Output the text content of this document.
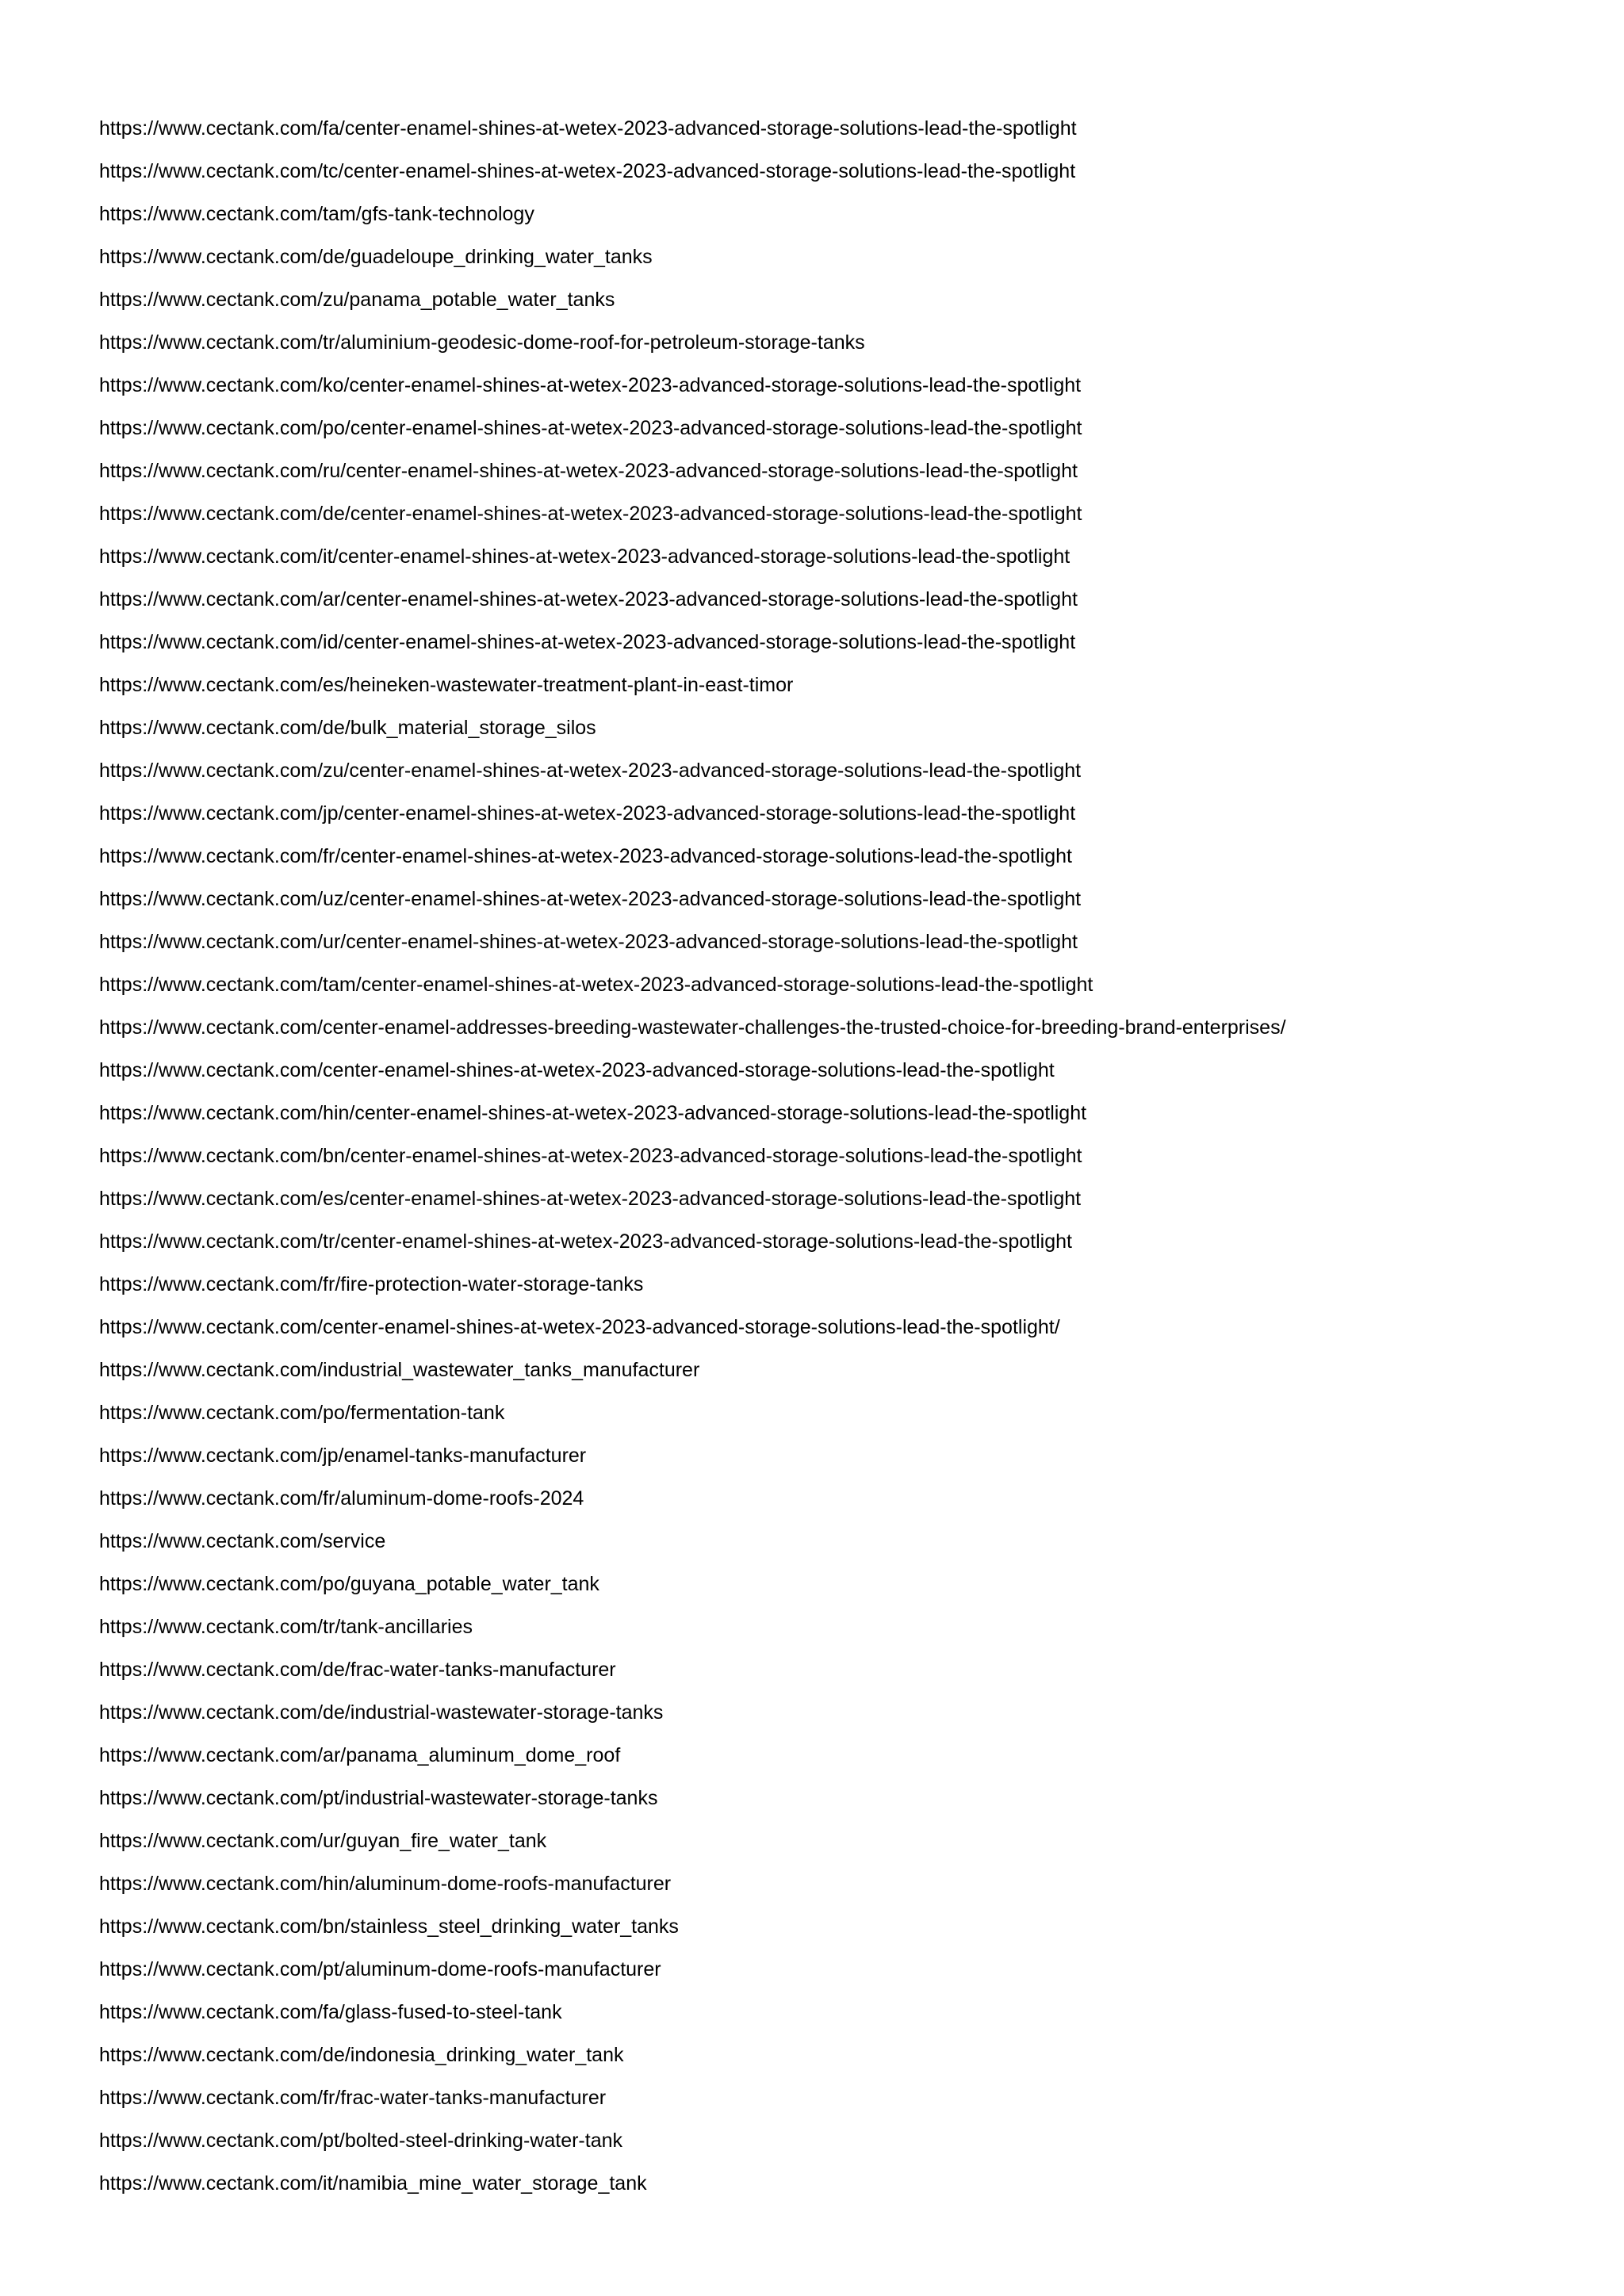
https://www.cectank.com/fa/center-enamel-shines-at-wetex-2023-advanced-storage-solutions-lead-the-spotlight
https://www.cectank.com/tc/center-enamel-shines-at-wetex-2023-advanced-storage-solutions-lead-the-spotlight
https://www.cectank.com/tam/gfs-tank-technology
https://www.cectank.com/de/guadeloupe_drinking_water_tanks
https://www.cectank.com/zu/panama_potable_water_tanks
https://www.cectank.com/tr/aluminium-geodesic-dome-roof-for-petroleum-storage-tanks
https://www.cectank.com/ko/center-enamel-shines-at-wetex-2023-advanced-storage-solutions-lead-the-spotlight
https://www.cectank.com/po/center-enamel-shines-at-wetex-2023-advanced-storage-solutions-lead-the-spotlight
https://www.cectank.com/ru/center-enamel-shines-at-wetex-2023-advanced-storage-solutions-lead-the-spotlight
https://www.cectank.com/de/center-enamel-shines-at-wetex-2023-advanced-storage-solutions-lead-the-spotlight
https://www.cectank.com/it/center-enamel-shines-at-wetex-2023-advanced-storage-solutions-lead-the-spotlight
https://www.cectank.com/ar/center-enamel-shines-at-wetex-2023-advanced-storage-solutions-lead-the-spotlight
https://www.cectank.com/id/center-enamel-shines-at-wetex-2023-advanced-storage-solutions-lead-the-spotlight
https://www.cectank.com/es/heineken-wastewater-treatment-plant-in-east-timor
https://www.cectank.com/de/bulk_material_storage_silos
https://www.cectank.com/zu/center-enamel-shines-at-wetex-2023-advanced-storage-solutions-lead-the-spotlight
https://www.cectank.com/jp/center-enamel-shines-at-wetex-2023-advanced-storage-solutions-lead-the-spotlight
https://www.cectank.com/fr/center-enamel-shines-at-wetex-2023-advanced-storage-solutions-lead-the-spotlight
https://www.cectank.com/uz/center-enamel-shines-at-wetex-2023-advanced-storage-solutions-lead-the-spotlight
https://www.cectank.com/ur/center-enamel-shines-at-wetex-2023-advanced-storage-solutions-lead-the-spotlight
https://www.cectank.com/tam/center-enamel-shines-at-wetex-2023-advanced-storage-solutions-lead-the-spotlight
https://www.cectank.com/center-enamel-addresses-breeding-wastewater-challenges-the-trusted-choice-for-breeding-brand-enterprises/
https://www.cectank.com/center-enamel-shines-at-wetex-2023-advanced-storage-solutions-lead-the-spotlight
https://www.cectank.com/hin/center-enamel-shines-at-wetex-2023-advanced-storage-solutions-lead-the-spotlight
https://www.cectank.com/bn/center-enamel-shines-at-wetex-2023-advanced-storage-solutions-lead-the-spotlight
https://www.cectank.com/es/center-enamel-shines-at-wetex-2023-advanced-storage-solutions-lead-the-spotlight
https://www.cectank.com/tr/center-enamel-shines-at-wetex-2023-advanced-storage-solutions-lead-the-spotlight
https://www.cectank.com/fr/fire-protection-water-storage-tanks
https://www.cectank.com/center-enamel-shines-at-wetex-2023-advanced-storage-solutions-lead-the-spotlight/
https://www.cectank.com/industrial_wastewater_tanks_manufacturer
https://www.cectank.com/po/fermentation-tank
https://www.cectank.com/jp/enamel-tanks-manufacturer
https://www.cectank.com/fr/aluminum-dome-roofs-2024
https://www.cectank.com/service
https://www.cectank.com/po/guyana_potable_water_tank
https://www.cectank.com/tr/tank-ancillaries
https://www.cectank.com/de/frac-water-tanks-manufacturer
https://www.cectank.com/de/industrial-wastewater-storage-tanks
https://www.cectank.com/ar/panama_aluminum_dome_roof
https://www.cectank.com/pt/industrial-wastewater-storage-tanks
https://www.cectank.com/ur/guyan_fire_water_tank
https://www.cectank.com/hin/aluminum-dome-roofs-manufacturer
https://www.cectank.com/bn/stainless_steel_drinking_water_tanks
https://www.cectank.com/pt/aluminum-dome-roofs-manufacturer
https://www.cectank.com/fa/glass-fused-to-steel-tank
https://www.cectank.com/de/indonesia_drinking_water_tank
https://www.cectank.com/fr/frac-water-tanks-manufacturer
https://www.cectank.com/pt/bolted-steel-drinking-water-tank
https://www.cectank.com/it/namibia_mine_water_storage_tank
